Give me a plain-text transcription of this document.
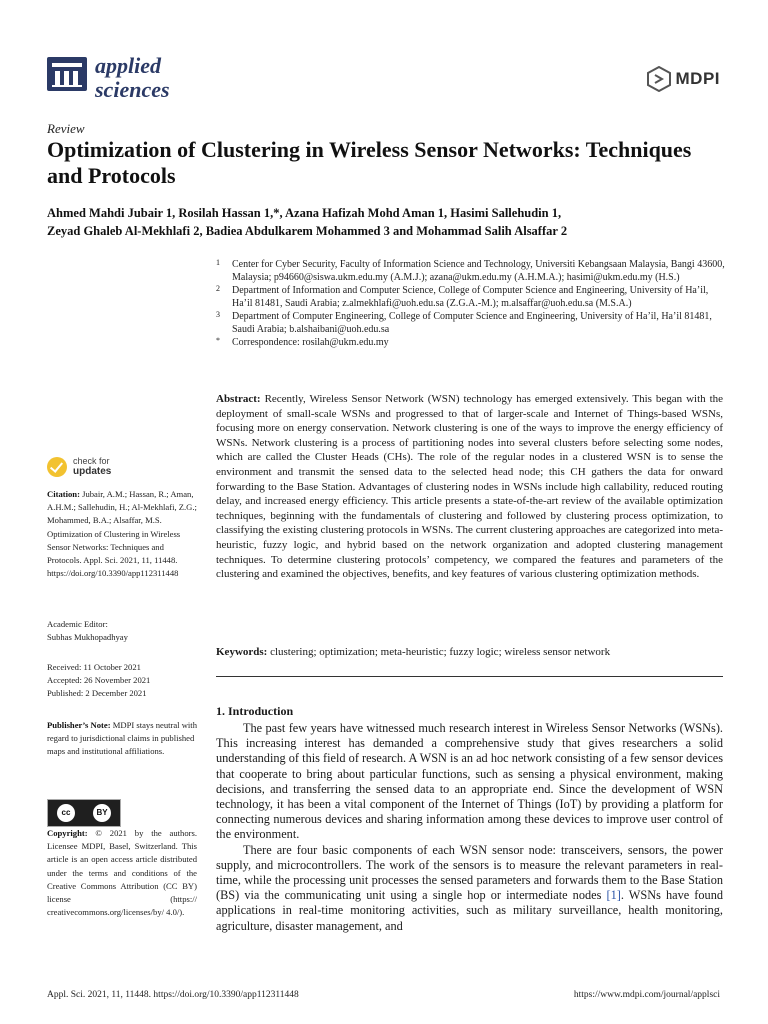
applied
sciences	MDPI
Review
Optimization of Clustering in Wireless Sensor Networks: Techniques and Protocols
Ahmed Mahdi Jubair 1, Rosilah Hassan 1,*, Azana Hafizah Mohd Aman 1, Hasimi Sallehudin 1,
Zeyad Ghaleb Al-Mekhlafi 2, Badiea Abdulkarem Mohammed 3 and Mohammad Salih Alsaffar 2
1 Center for Cyber Security, Faculty of Information Science and Technology, Universiti Kebangsaan Malaysia, Bangi 43600, Malaysia; p94660@siswa.ukm.edu.my (A.M.J.); azana@ukm.edu.my (A.H.M.A.); hasimi@ukm.edu.my (H.S.)
2 Department of Information and Computer Science, College of Computer Science and Engineering, University of Ha’il, Ha’il 81481, Saudi Arabia; z.almekhlafi@uoh.edu.sa (Z.G.A.-M.); m.alsaffar@uoh.edu.sa (M.S.A.)
3 Department of Computer Engineering, College of Computer Science and Engineering, University of Ha’il, Ha’il 81481, Saudi Arabia; b.alshaibani@uoh.edu.sa
* Correspondence: rosilah@ukm.edu.my
Abstract: Recently, Wireless Sensor Network (WSN) technology has emerged extensively. This began with the deployment of small-scale WSNs and progressed to that of larger-scale and Internet of Things-based WSNs, focusing more on energy conservation. Network clustering is one of the ways to improve the energy efficiency of WSNs. Network clustering is a process of partitioning nodes into several clusters before selecting some nodes, which are called the Cluster Heads (CHs). The role of the regular nodes in a clustered WSN is to sense the environment and transmit the sensed data to the selected head node; this CH gathers the data for onward forwarding to the Base Station. Advantages of clustering nodes in WSNs include high callability, reduced routing delay, and increased energy efficiency. This article presents a state-of-the-art review of the available optimization techniques, beginning with the fundamentals of clustering and followed by clustering process optimization, to classifying the existing clustering protocols in WSNs. The current clustering approaches are categorized into meta-heuristic, fuzzy logic, and hybrid based on the network organization and adopted clustering management techniques. To determine clustering protocols’ competency, we compared the features and parameters of the clustering and examined the objectives, benefits, and key features of various clustering optimization methods.
Keywords: clustering; optimization; meta-heuristic; fuzzy logic; wireless sensor network
1. Introduction

The past few years have witnessed much research interest in Wireless Sensor Networks (WSNs). This increasing interest has demanded a comprehensive study that gives researchers a solid understanding of this field of research. A WSN is an ad hoc network consisting of a few sensor devices that cooperate to bring about particular functions, such as sensing a physical environment, making decisions, and transferring the sensed data to an appropriate end. Since the development of WSN technology, it has been a vital component of the Internet of Things (IoT) by providing a platform for connecting numerous devices and sharing information among these devices to improve user control of the environment.

There are four basic components of each WSN sensor node: transceivers, sensors, the power supply, and microcontrollers. The work of the sensors is to measure the relevant parameters in real-time, while the processing unit processes the sensed parameters and forwards them to the Base Station (BS) via the communicating unit using a single hop or intermediate nodes [1]. WSNs have found applications in real-time monitoring activities, such as military surveillance, health monitoring, agriculture, disaster management, and

check for
updates
Citation: Jubair, A.M.; Hassan, R.; Aman, A.H.M.; Sallehudin, H.; Al-Mekhlafi, Z.G.; Mohammed, B.A.; Alsaffar, M.S. Optimization of Clustering in Wireless Sensor Networks: Techniques and Protocols. Appl. Sci. 2021, 11, 11448. https://doi.org/10.3390/app112311448
Academic Editor:
Subhas Mukhopadhyay
Received: 11 October 2021
Accepted: 26 November 2021
Published: 2 December 2021
Publisher’s Note: MDPI stays neutral with regard to jurisdictional claims in published maps and institutional affiliations.
cc	BY
Copyright: © 2021 by the authors. Licensee MDPI, Basel, Switzerland. This article is an open access article distributed under the terms and conditions of the Creative Commons Attribution (CC BY) license (https:// creativecommons.org/licenses/by/ 4.0/).
Appl. Sci. 2021, 11, 11448. https://doi.org/10.3390/app112311448	https://www.mdpi.com/journal/applsci
